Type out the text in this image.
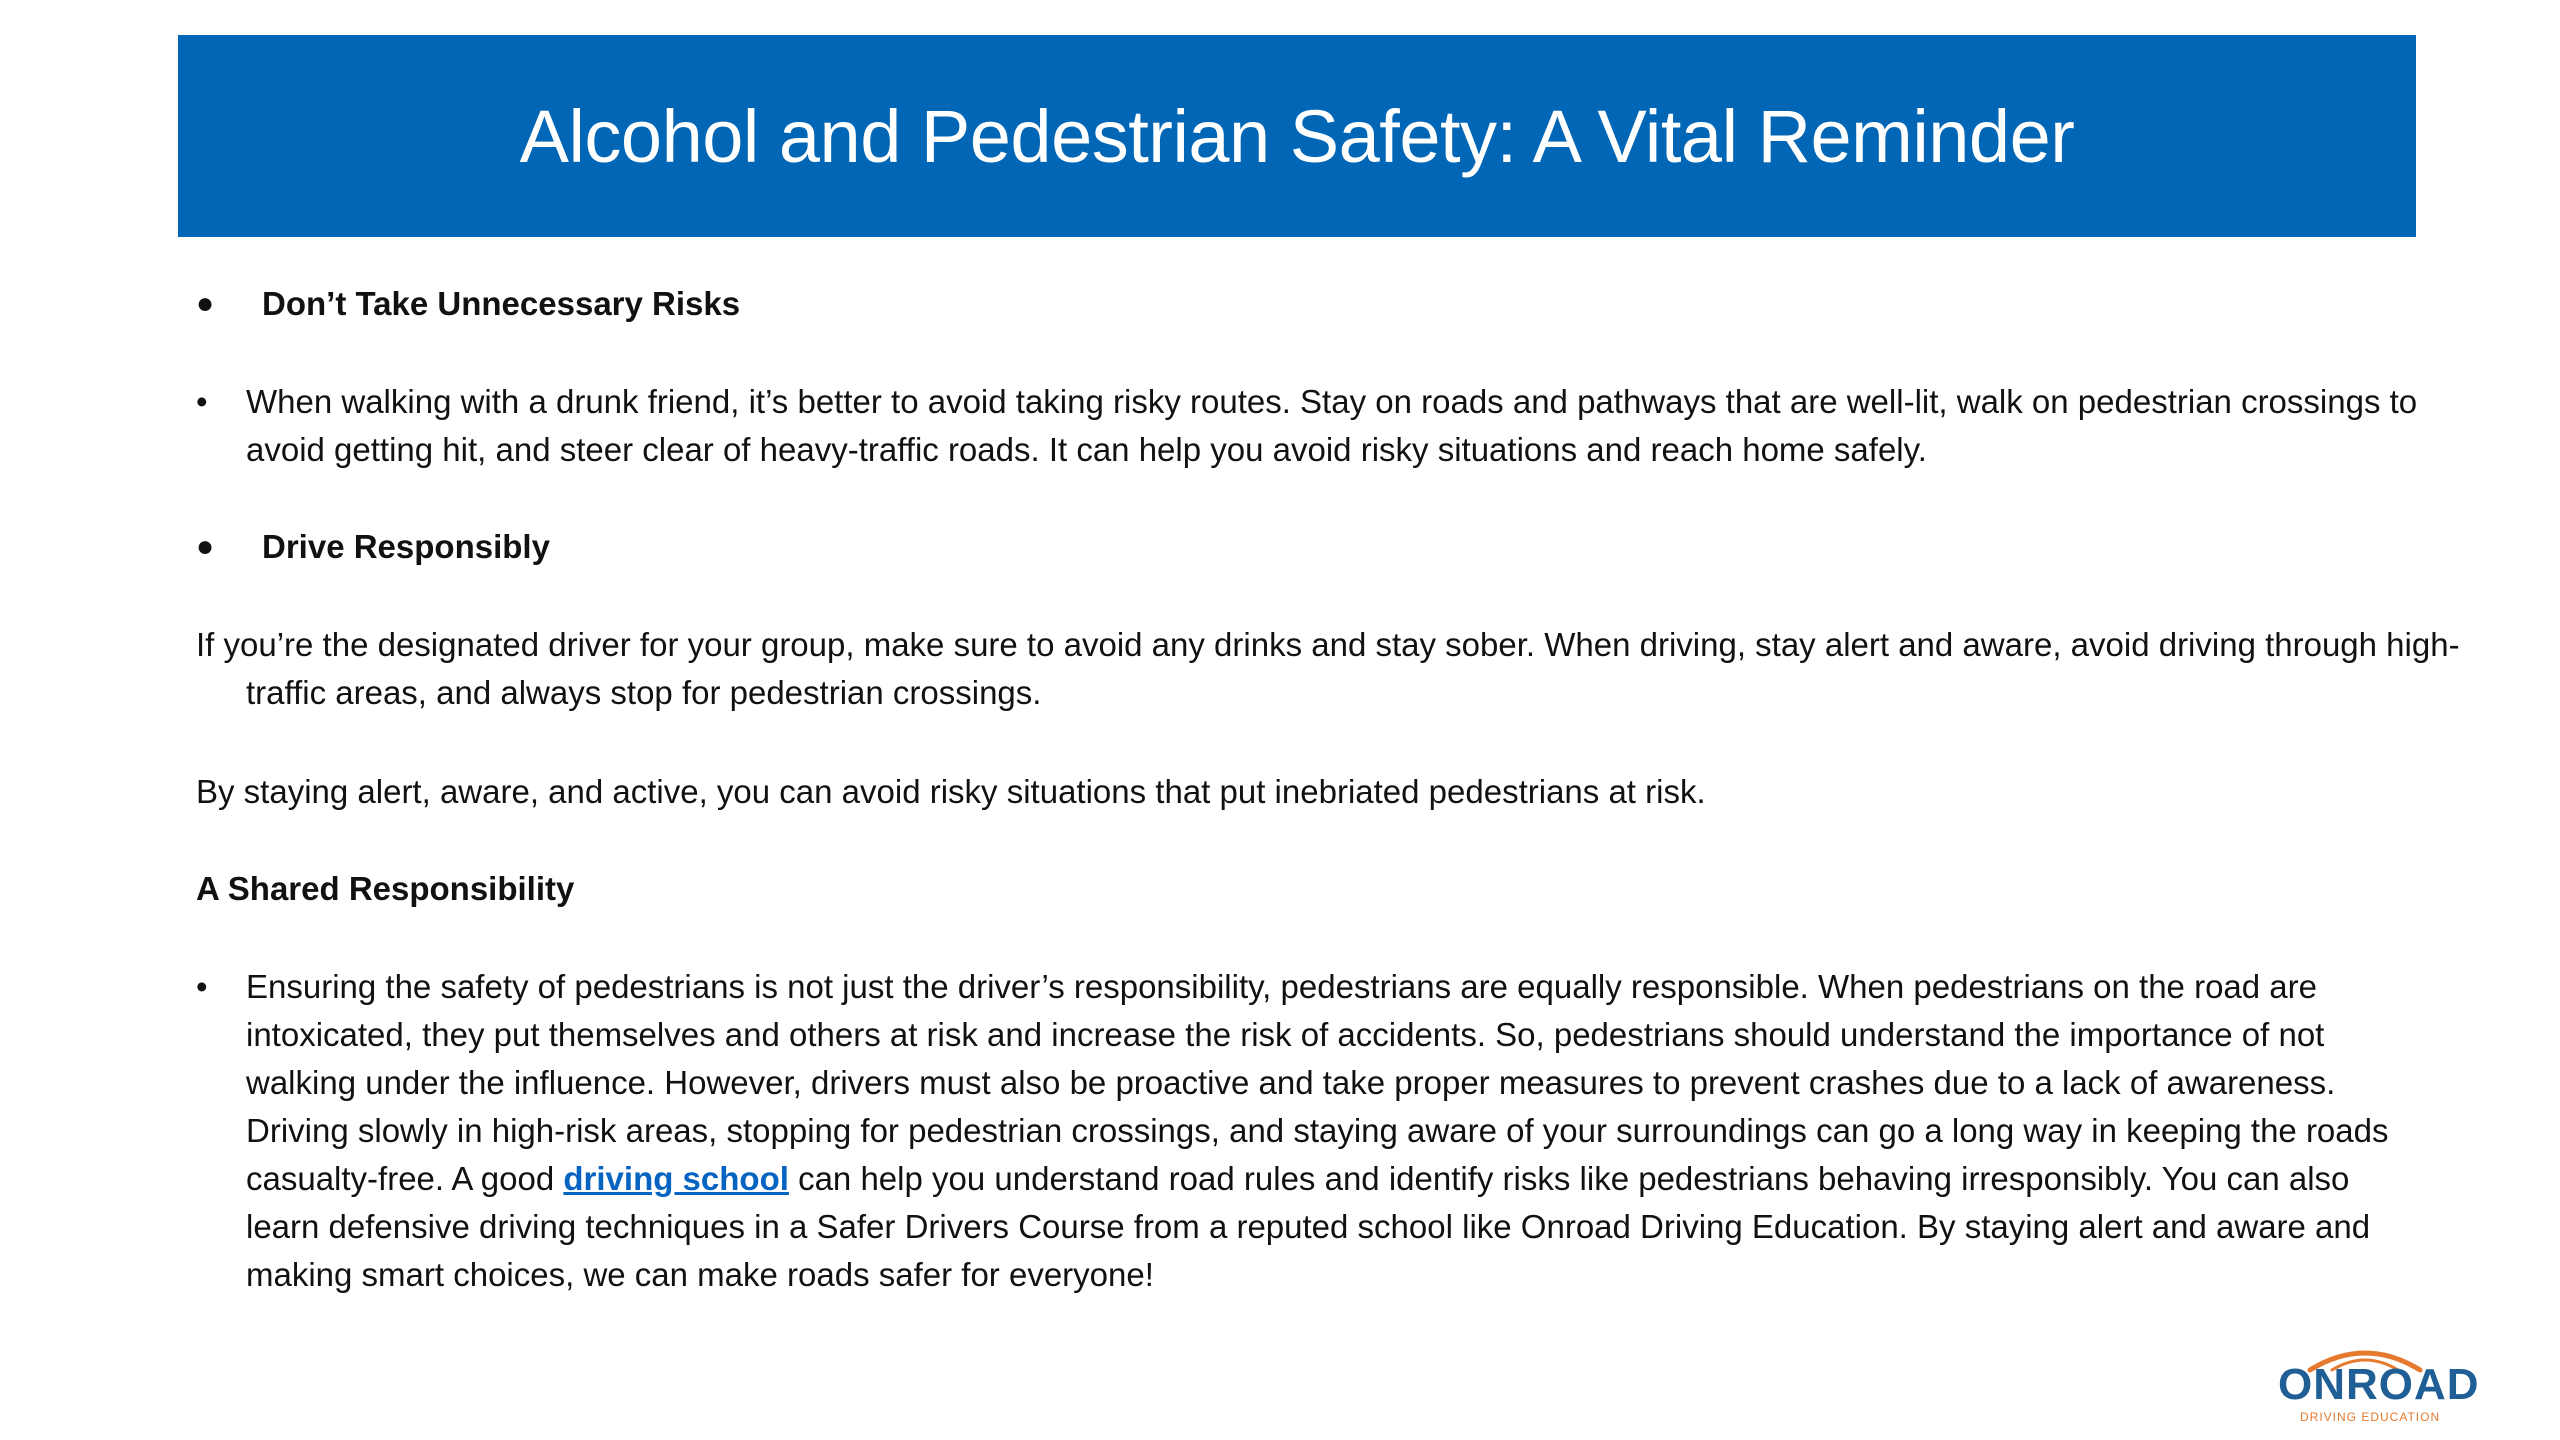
Alcohol and Pedestrian Safety: A Vital Reminder
●	Don’t Take Unnecessary Risks
•	When walking with a drunk friend, it’s better to avoid taking risky routes. Stay on roads and pathways that are well-lit, walk on pedestrian crossings to avoid getting hit, and steer clear of heavy-traffic roads. It can help you avoid risky situations and reach home safely.
●	Drive Responsibly

If you’re the designated driver for your group, make sure to avoid any drinks and stay sober. When driving, stay alert and aware, avoid driving through high-traffic areas, and always stop for pedestrian crossings.

By staying alert, aware, and active, you can avoid risky situations that put inebriated pedestrians at risk.

A Shared Responsibility

•	Ensuring the safety of pedestrians is not just the driver’s responsibility, pedestrians are equally responsible. When pedestrians on the road are intoxicated, they put themselves and others at risk and increase the risk of accidents. So, pedestrians should understand the importance of not walking under the influence. However, drivers must also be proactive and take proper measures to prevent crashes due to a lack of awareness. Driving slowly in high-risk areas, stopping for pedestrian crossings, and staying aware of your surroundings can go a long way in keeping the roads casualty-free. A good driving school can help you understand road rules and identify risks like pedestrians behaving irresponsibly. You can also learn defensive driving techniques in a Safer Drivers Course from a reputed school like Onroad Driving Education. By staying alert and aware and making smart choices, we can make roads safer for everyone!
ONROAD
DRIVING EDUCATION
